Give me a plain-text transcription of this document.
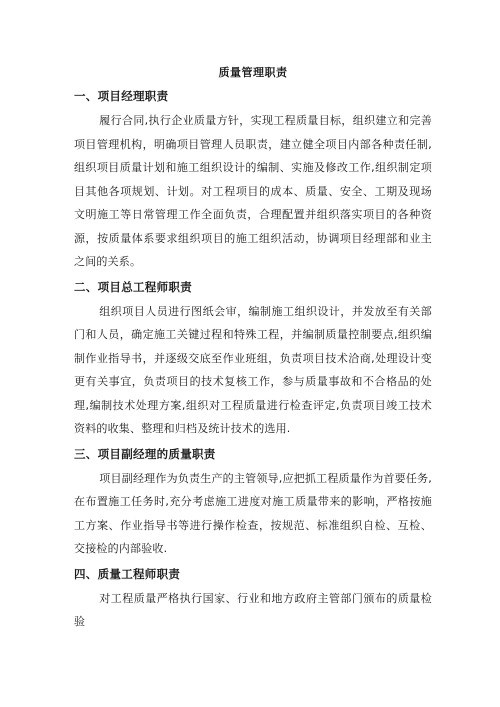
质量管理职责
一、项目经理职责

履行合同,执行企业质量方针，实现工程质量目标，组织建立和完善项目管理机构，明确项目管理人员职责，建立健全项目内部各种责任制,组织项目质量计划和施工组织设计的编制、实施及修改工作,组织制定项目其他各项规划、计划。对工程项目的成本、质量、安全、工期及现场文明施工等日常管理工作全面负责，合理配置并组织落实项目的各种资源，按质量体系要求组织项目的施工组织活动，协调项目经理部和业主之间的关系。

二、项目总工程师职责

组织项目人员进行图纸会审，编制施工组织设计，并发放至有关部门和人员，确定施工关键过程和特殊工程，并编制质量控制要点,组织编制作业指导书，并逐级交底至作业班组，负责项目技术洽商,处理设计变更有关事宜，负责项目的技术复核工作，参与质量事故和不合格品的处理,编制技术处理方案,组织对工程质量进行检查评定,负责项目竣工技术资料的收集、整理和归档及统计技术的选用.

三、项目副经理的质量职责

项目副经理作为负责生产的主管领导,应把抓工程质量作为首要任务,在布置施工任务时,充分考虑施工进度对施工质量带来的影响，严格按施工方案、作业指导书等进行操作检查，按规范、标准组织自检、互检、交接检的内部验收.

四、质量工程师职责

对工程质量严格执行国家、行业和地方政府主管部门颁布的质量检验
